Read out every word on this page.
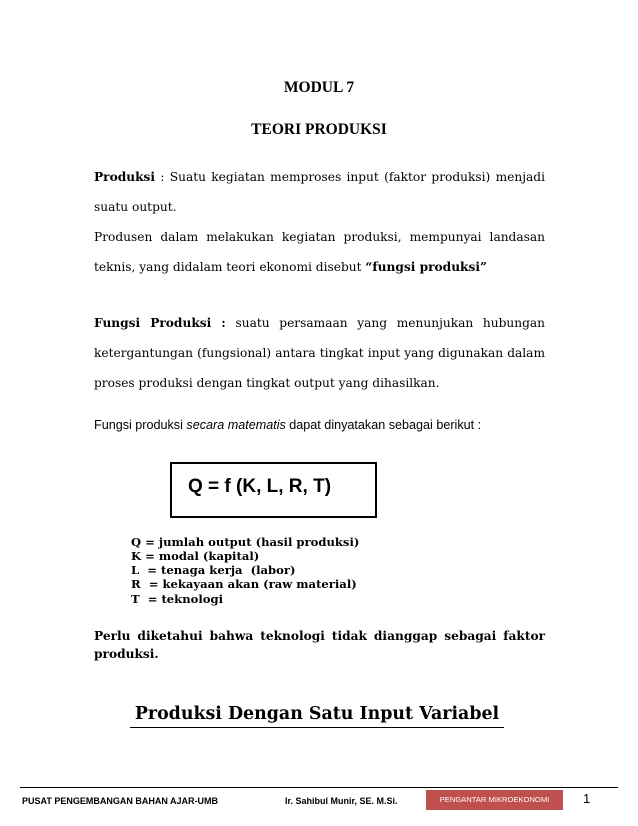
MODUL 7
TEORI PRODUKSI
Produksi : Suatu kegiatan memproses input (faktor produksi) menjadi
suatu output.
Produsen dalam melakukan kegiatan produksi, mempunyai landasan
teknis, yang didalam teori ekonomi disebut “fungsi produksi”
Fungsi Produksi : suatu persamaan yang menunjukan hubungan
ketergantungan (fungsional) antara tingkat input yang digunakan dalam
proses produksi dengan tingkat output yang dihasilkan.
Fungsi produksi secara matematis dapat dinyatakan sebagai berikut :
Q = f (K, L, R, T)
Q = jumlah output (hasil produksi)
K = modal (kapital)
L  = tenaga kerja  (labor)
R  = kekayaan akan (raw material)
T  = teknologi
Perlu diketahui bahwa teknologi tidak dianggap sebagai faktor produksi.
Produksi Dengan Satu Input Variabel
PUSAT PENGEMBANGAN BAHAN AJAR-UMB	Ir. Sahibul Munir, SE. M.Si.	PENGANTAR MIKROEKONOMI	1
